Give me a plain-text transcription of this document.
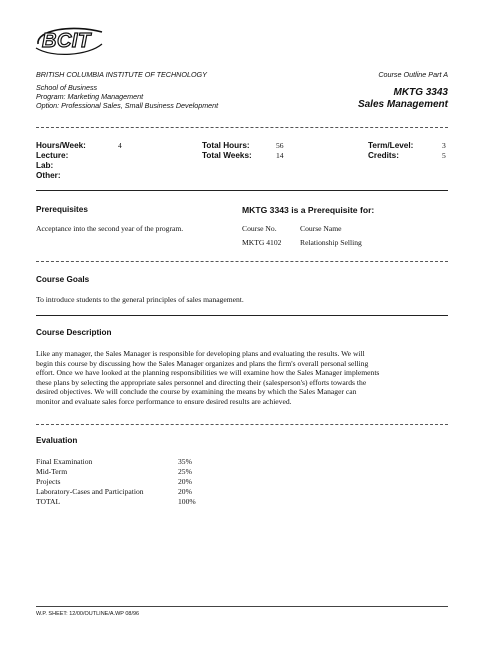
BCIT
BRITISH COLUMBIA INSTITUTE OF TECHNOLOGY
School of Business
Program: Marketing Management
Option: Professional Sales, Small Business Development
Course Outline Part A
MKTG 3343
Sales Management
Hours/Week:	4
Lecture:
Lab:
Other:
Total Hours:	56
Total Weeks:	14
Term/Level:	3
Credits:	5
Prerequisites
Acceptance into the second year of the program.
MKTG 3343 is a Prerequisite for:
Course No.	Course Name
MKTG 4102 Relationship Selling
Course Goals
To introduce students to the general principles of sales management.
Course Description
Like any manager, the Sales Manager is responsible for developing plans and evaluating the results. We will
begin this course by discussing how the Sales Manager organizes and plans the firm's overall personal selling
effort. Once we have looked at the planning responsibilities we will examine how the Sales Manager implements
these plans by selecting the appropriate sales personnel and directing their (salesperson's) efforts towards the
desired objectives. We will conclude the course by examining the means by which the Sales Manager can
monitor and evaluate sales force performance to ensure desired results are achieved.
Evaluation
Final Examination	35%
Mid-Term	25%
Projects	20%
Laboratory-Cases and Participation	20%
TOTAL	100%
W.P. SHEET: 12/00/OUTLINE/A.WP 08/96
